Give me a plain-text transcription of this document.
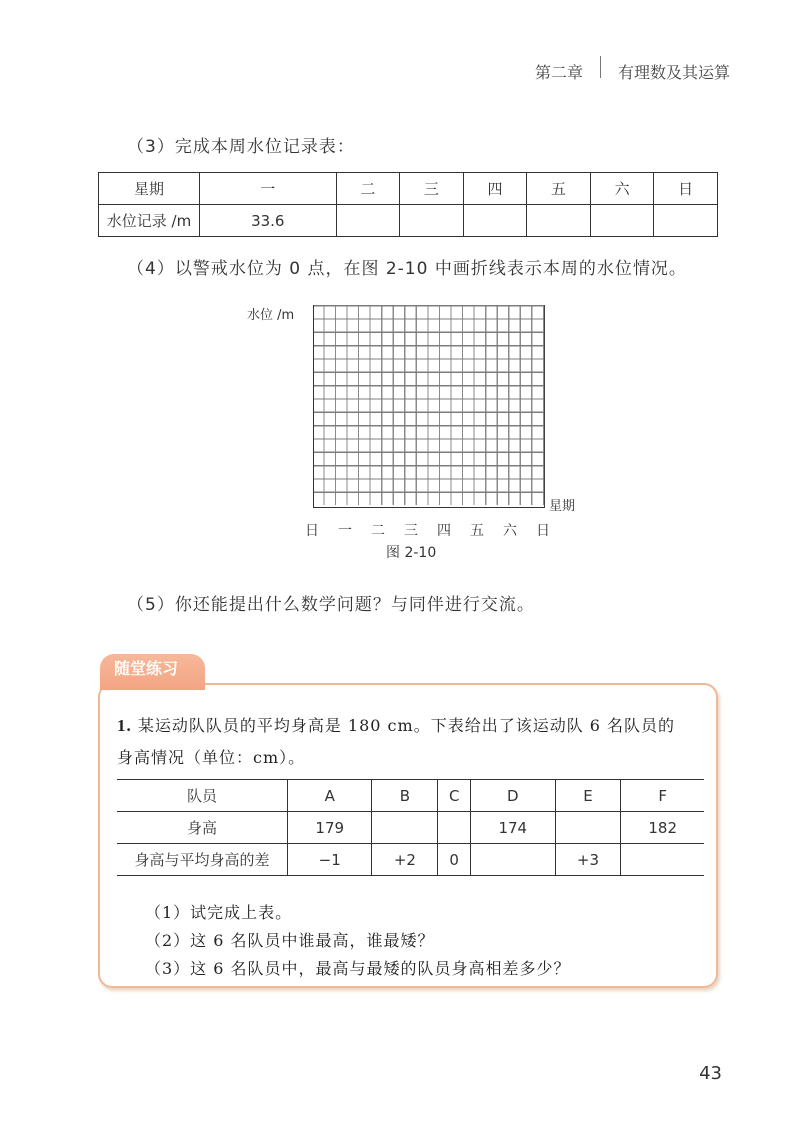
第二章 有理数及其运算
（3）完成本周水位记录表：
星期	一	二	三	四	五	六	日
水位记录 /m	33.6						
（4）以警戒水位为 0 点，在图 2-10 中画折线表示本周的水位情况。
水位 /m
星期
日 一 二 三 四 五 六 日
图 2-10
（5）你还能提出什么数学问题？与同伴进行交流。
随堂练习
1. 某运动队队员的平均身高是 180 cm。下表给出了该运动队 6 名队员的
身高情况（单位：cm）。
队员	A	B	C	D	E	F
身高	179			174		182
身高与平均身高的差	−1	+2	0		+3	
（1）试完成上表。
（2）这 6 名队员中谁最高，谁最矮？
（3）这 6 名队员中，最高与最矮的队员身高相差多少？
43
